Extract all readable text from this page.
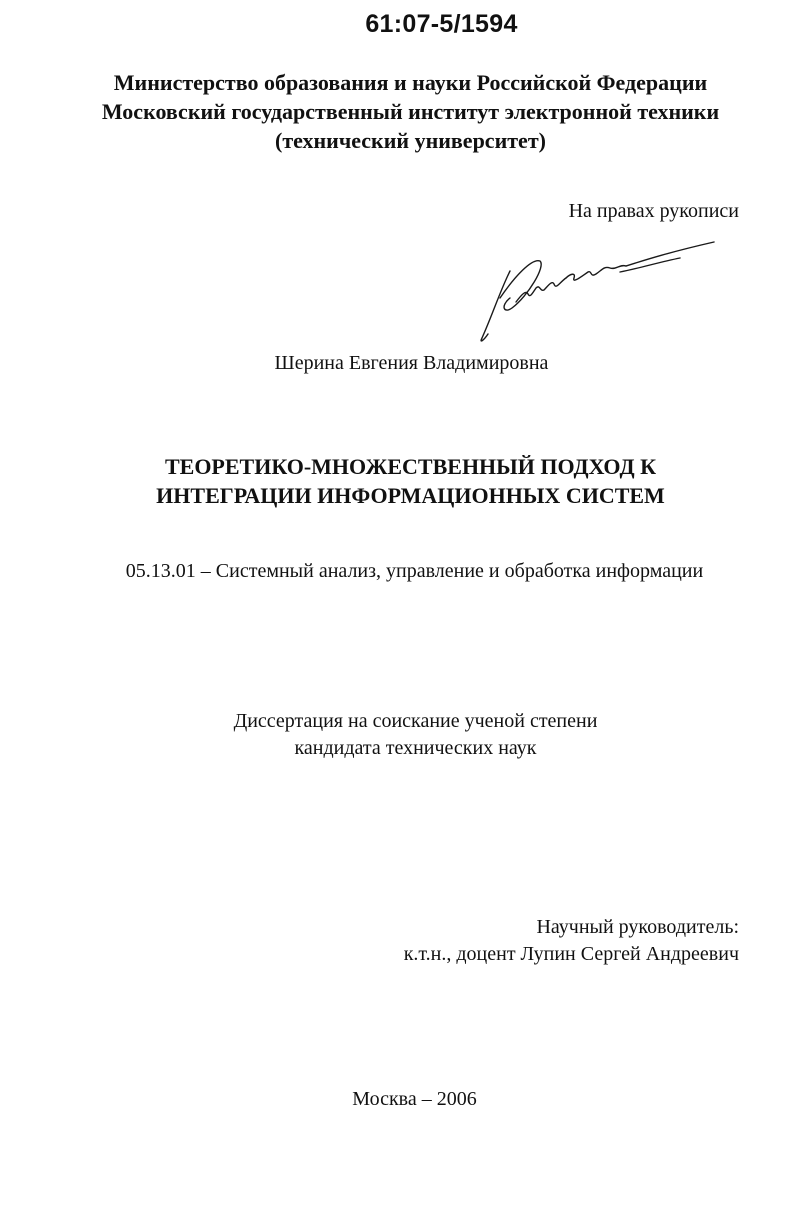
61:07-5/1594
Министерство образования и науки Российской Федерации
Московский государственный институт электронной техники
(технический университет)
На правах рукописи
Шерина Евгения Владимировна
ТЕОРЕТИКО-МНОЖЕСТВЕННЫЙ ПОДХОД К
ИНТЕГРАЦИИ ИНФОРМАЦИОННЫХ СИСТЕМ
05.13.01 – Системный анализ, управление и обработка информации
Диссертация на соискание ученой степени
кандидата технических наук
Научный руководитель:
к.т.н., доцент Лупин Сергей Андреевич
Москва – 2006
